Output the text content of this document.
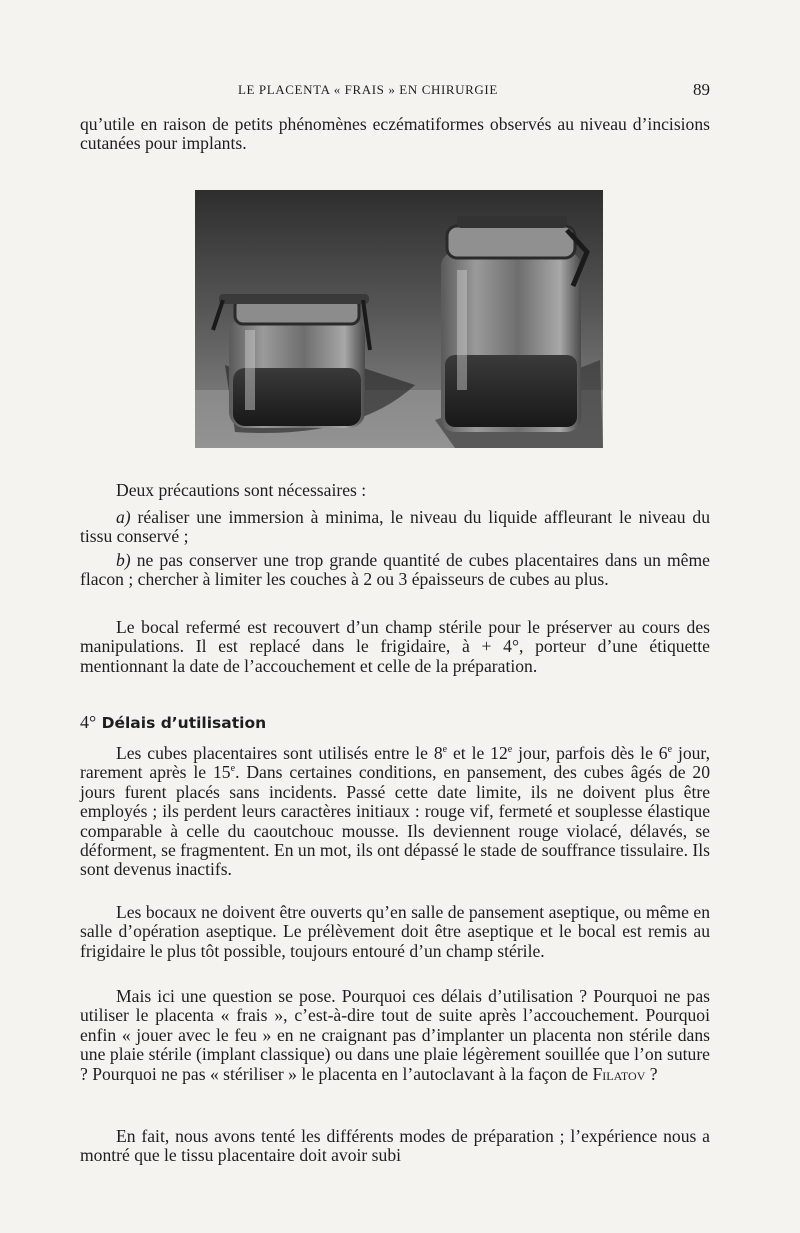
LE PLACENTA « FRAIS » EN CHIRURGIE	89

qu’utile en raison de petits phénomènes eczématiformes observés au niveau d’incisions cutanées pour implants.

Deux précautions sont nécessaires :

a) réaliser une immersion à minima, le niveau du liquide affleurant le niveau du tissu conservé ;

b) ne pas conserver une trop grande quantité de cubes placentaires dans un même flacon ; chercher à limiter les couches à 2 ou 3 épaisseurs de cubes au plus.

Le bocal refermé est recouvert d’un champ stérile pour le préserver au cours des manipulations. Il est replacé dans le frigidaire, à + 4°, porteur d’une étiquette mentionnant la date de l’accouchement et celle de la préparation.

4° Délais d’utilisation

Les cubes placentaires sont utilisés entre le 8e et le 12e jour, parfois dès le 6e jour, rarement après le 15e. Dans certaines conditions, en pansement, des cubes âgés de 20 jours furent placés sans incidents. Passé cette date limite, ils ne doivent plus être employés ; ils perdent leurs caractères initiaux : rouge vif, fermeté et souplesse élastique comparable à celle du caoutchouc mousse. Ils deviennent rouge violacé, délavés, se déforment, se fragmentent. En un mot, ils ont dépassé le stade de souffrance tissulaire. Ils sont devenus inactifs.

Les bocaux ne doivent être ouverts qu’en salle de pansement aseptique, ou même en salle d’opération aseptique. Le prélèvement doit être aseptique et le bocal est remis au frigidaire le plus tôt possible, toujours entouré d’un champ stérile.

Mais ici une question se pose. Pourquoi ces délais d’utilisation ? Pourquoi ne pas utiliser le placenta « frais », c’est-à-dire tout de suite après l’accouchement. Pourquoi enfin « jouer avec le feu » en ne craignant pas d’implanter un placenta non stérile dans une plaie stérile (implant classique) ou dans une plaie légèrement souillée que l’on suture ? Pourquoi ne pas « stériliser » le placenta en l’autoclavant à la façon de Filatov ?

En fait, nous avons tenté les différents modes de préparation ; l’expérience nous a montré que le tissu placentaire doit avoir subi
